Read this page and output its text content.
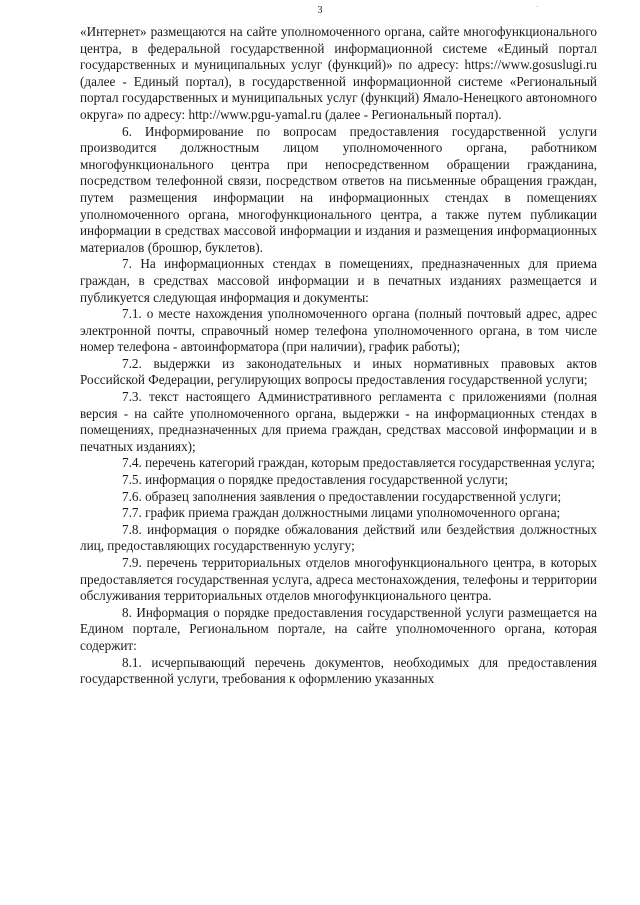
3	·

«Интернет» размещаются на сайте уполномоченного органа, сайте многофункционального центра, в федеральной государственной информационной системе «Единый портал государственных и муниципальных услуг (функций)» по адресу: https://www.gosuslugi.ru (далее - Единый портал), в государственной информационной системе «Региональный портал государственных и муниципальных услуг (функций) Ямало-Ненецкого автономного округа» по адресу: http://www.pgu-yamal.ru (далее - Региональный портал).

6. Информирование по вопросам предоставления государственной услуги производится должностным лицом уполномоченного органа, работником многофункционального центра при непосредственном обращении гражданина, посредством телефонной связи, посредством ответов на письменные обращения граждан, путем размещения информации на информационных стендах в помещениях уполномоченного органа, многофункционального центра, а также путем публикации информации в средствах массовой информации и издания и размещения информационных материалов (брошюр, буклетов).

7. На информационных стендах в помещениях, предназначенных для приема граждан, в средствах массовой информации и в печатных изданиях размещается и публикуется следующая информация и документы:

7.1. о месте нахождения уполномоченного органа (полный почтовый адрес, адрес электронной почты, справочный номер телефона уполномоченного органа, в том числе номер телефона - автоинформатора (при наличии), график работы);

7.2. выдержки из законодательных и иных нормативных правовых актов Российской Федерации, регулирующих вопросы предоставления государственной услуги;

7.3. текст настоящего Административного регламента с приложениями (полная версия - на сайте уполномоченного органа, выдержки - на информационных стендах в помещениях, предназначенных для приема граждан, средствах массовой информации и в печатных изданиях);

7.4. перечень категорий граждан, которым предоставляется государственная услуга;

7.5. информация о порядке предоставления государственной услуги;

7.6. образец заполнения заявления о предоставлении государственной услуги;

7.7. график приема граждан должностными лицами уполномоченного органа;

7.8. информация о порядке обжалования действий или бездействия должностных лиц, предоставляющих государственную услугу;

7.9. перечень территориальных отделов многофункционального центра, в которых предоставляется государственная услуга, адреса местонахождения, телефоны и территории обслуживания территориальных отделов многофункционального центра.

8. Информация о порядке предоставления государственной услуги размещается на Едином портале, Региональном портале, на сайте уполномоченного органа, которая содержит:

8.1. исчерпывающий перечень документов, необходимых для предоставления государственной услуги, требования к оформлению указанных
